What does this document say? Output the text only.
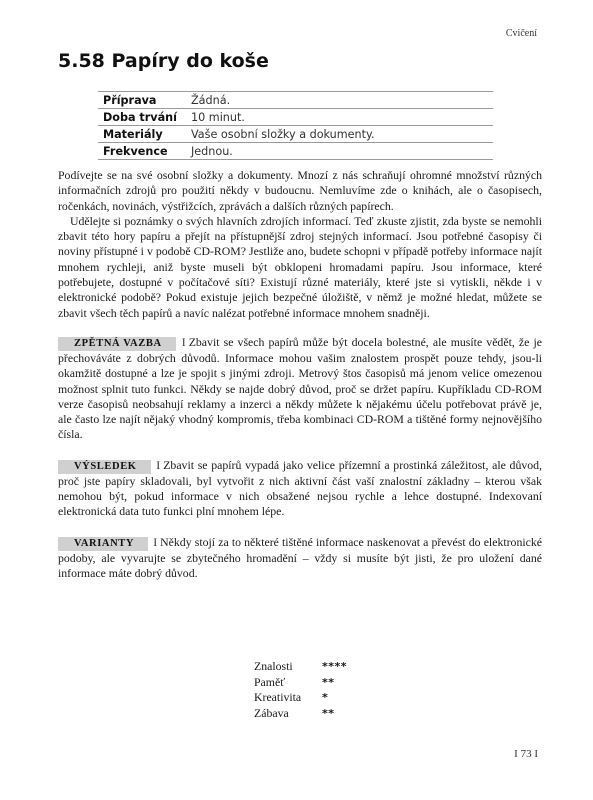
Cvičení
5.58 Papíry do koše
Příprava	Žádná.
Doba trvání	10 minut.
Materiály	Vaše osobní složky a dokumenty.
Frekvence	Jednou.

Podívejte se na své osobní složky a dokumenty. Mnozí z nás schraňují ohromné množství různých informačních zdrojů pro použití někdy v budoucnu. Nemluvíme zde o knihách, ale o časopisech, ročenkách, novinách, výstřižcích, zprávách a dalších různých papírech.

Udělejte si poznámky o svých hlavních zdrojích informací. Teď zkuste zjistit, zda byste se nemohli zbavit této hory papíru a přejít na přístupnější zdroj stejných informací. Jsou potřebné časopisy či noviny přístupné i v podobě CD-ROM? Jestliže ano, budete schopni v případě potřeby informace najít mnohem rychleji, aniž byste museli být obklopeni hromadami papíru. Jsou informace, které potřebujete, dostupné v počítačové síti? Existují různé materiály, které jste si vytiskli, někde i v elektronické podobě? Pokud existuje jejich bezpečné úložiště, v němž je možné hledat, můžete se zbavit všech těch papírů a navíc nalézat potřebné informace mnohem snadněji.

ZPĚTNÁ VAZBA I Zbavit se všech papírů může být docela bolestné, ale musíte vědět, že je přechováváte z dobrých důvodů. Informace mohou vašim znalostem prospět pouze tehdy, jsou-li okamžitě dostupné a lze je spojit s jinými zdroji. Metrový štos časopisů má jenom velice omezenou možnost splnit tuto funkci. Někdy se najde dobrý důvod, proč se držet papíru. Kupříkladu CD-ROM verze časopisů neobsahují reklamy a inzerci a někdy můžete k nějakému účelu potřebovat právě je, ale často lze najít nějaký vhodný kompromis, třeba kombinaci CD-ROM a tištěné formy nejnovějšího čísla.

VÝSLEDEK I Zbavit se papírů vypadá jako velice přízemní a prostinká záležitost, ale důvod, proč jste papíry skladovali, byl vytvořit z nich aktivní část vaší znalostní základny – kterou však nemohou být, pokud informace v nich obsažené nejsou rychle a lehce dostupné. Indexovaní elektronická data tuto funkci plní mnohem lépe.

VARIANTY I Někdy stojí za to některé tištěné informace naskenovat a převést do elektronické podoby, ale vyvarujte se zbytečného hromadění – vždy si musíte být jisti, že pro uložení dané informace máte dobrý důvod.

Znalosti	****
Paměť	**
Kreativita	*
Zábava	**
I 73 I
